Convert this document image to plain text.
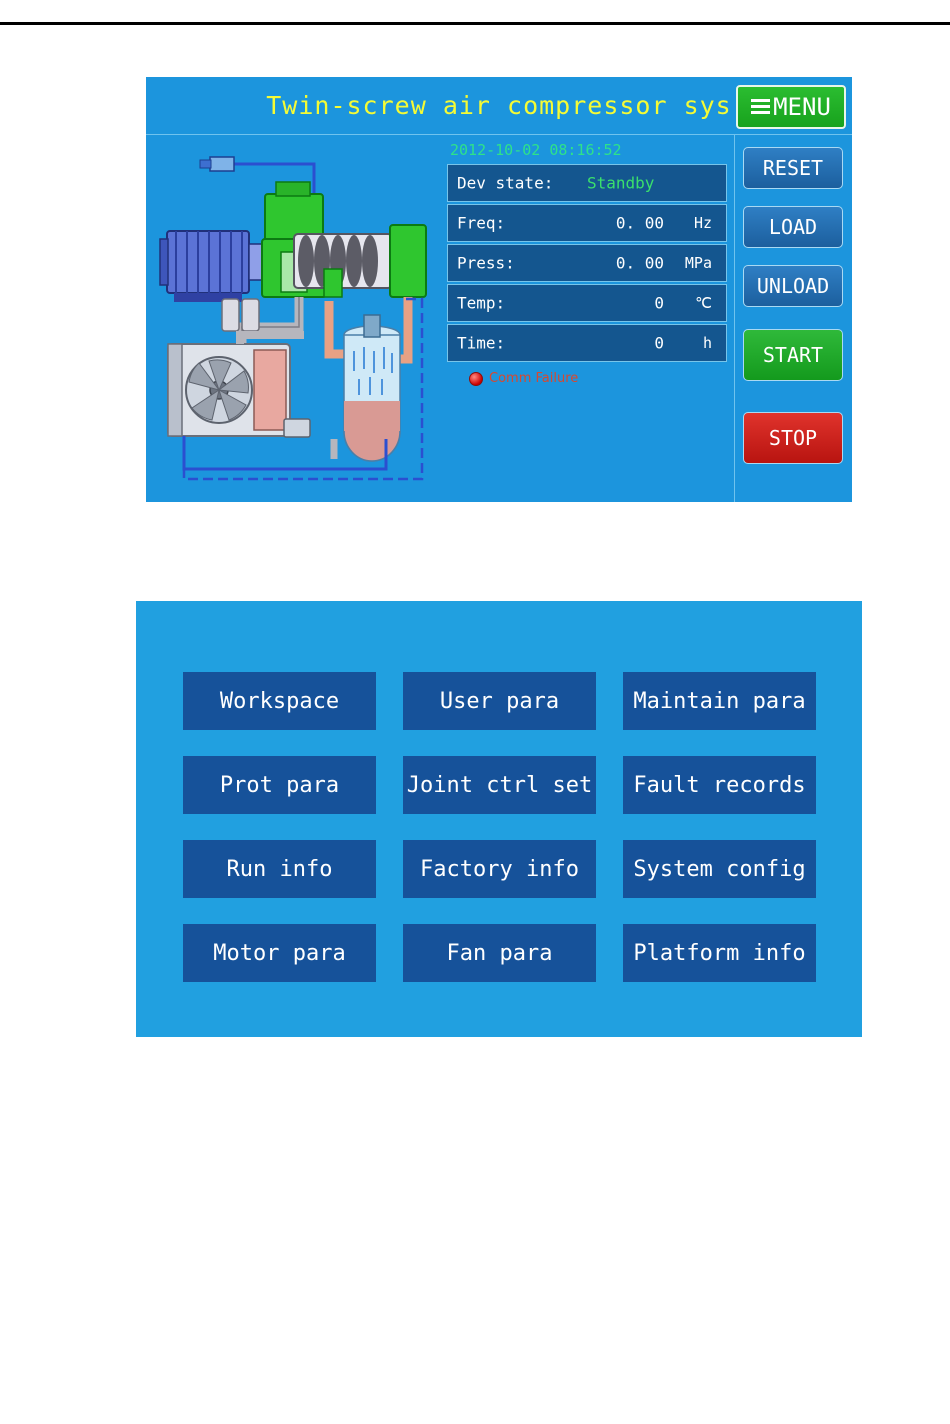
Twin-screw air compressor sys	MENU
2012-10-02 08:16:52
Dev state: Standby
Freq:	0. 00 Hz
Press:	0. 00 MPa
Temp:	0 ℃
Time:	0	h
Comm Failure
RESET
LOAD
UNLOAD
START
STOP
Workspace	User para	Maintain para
Prot para	Joint ctrl set	Fault records
Run info	Factory info	System config
Motor para	Fan para	Platform info
